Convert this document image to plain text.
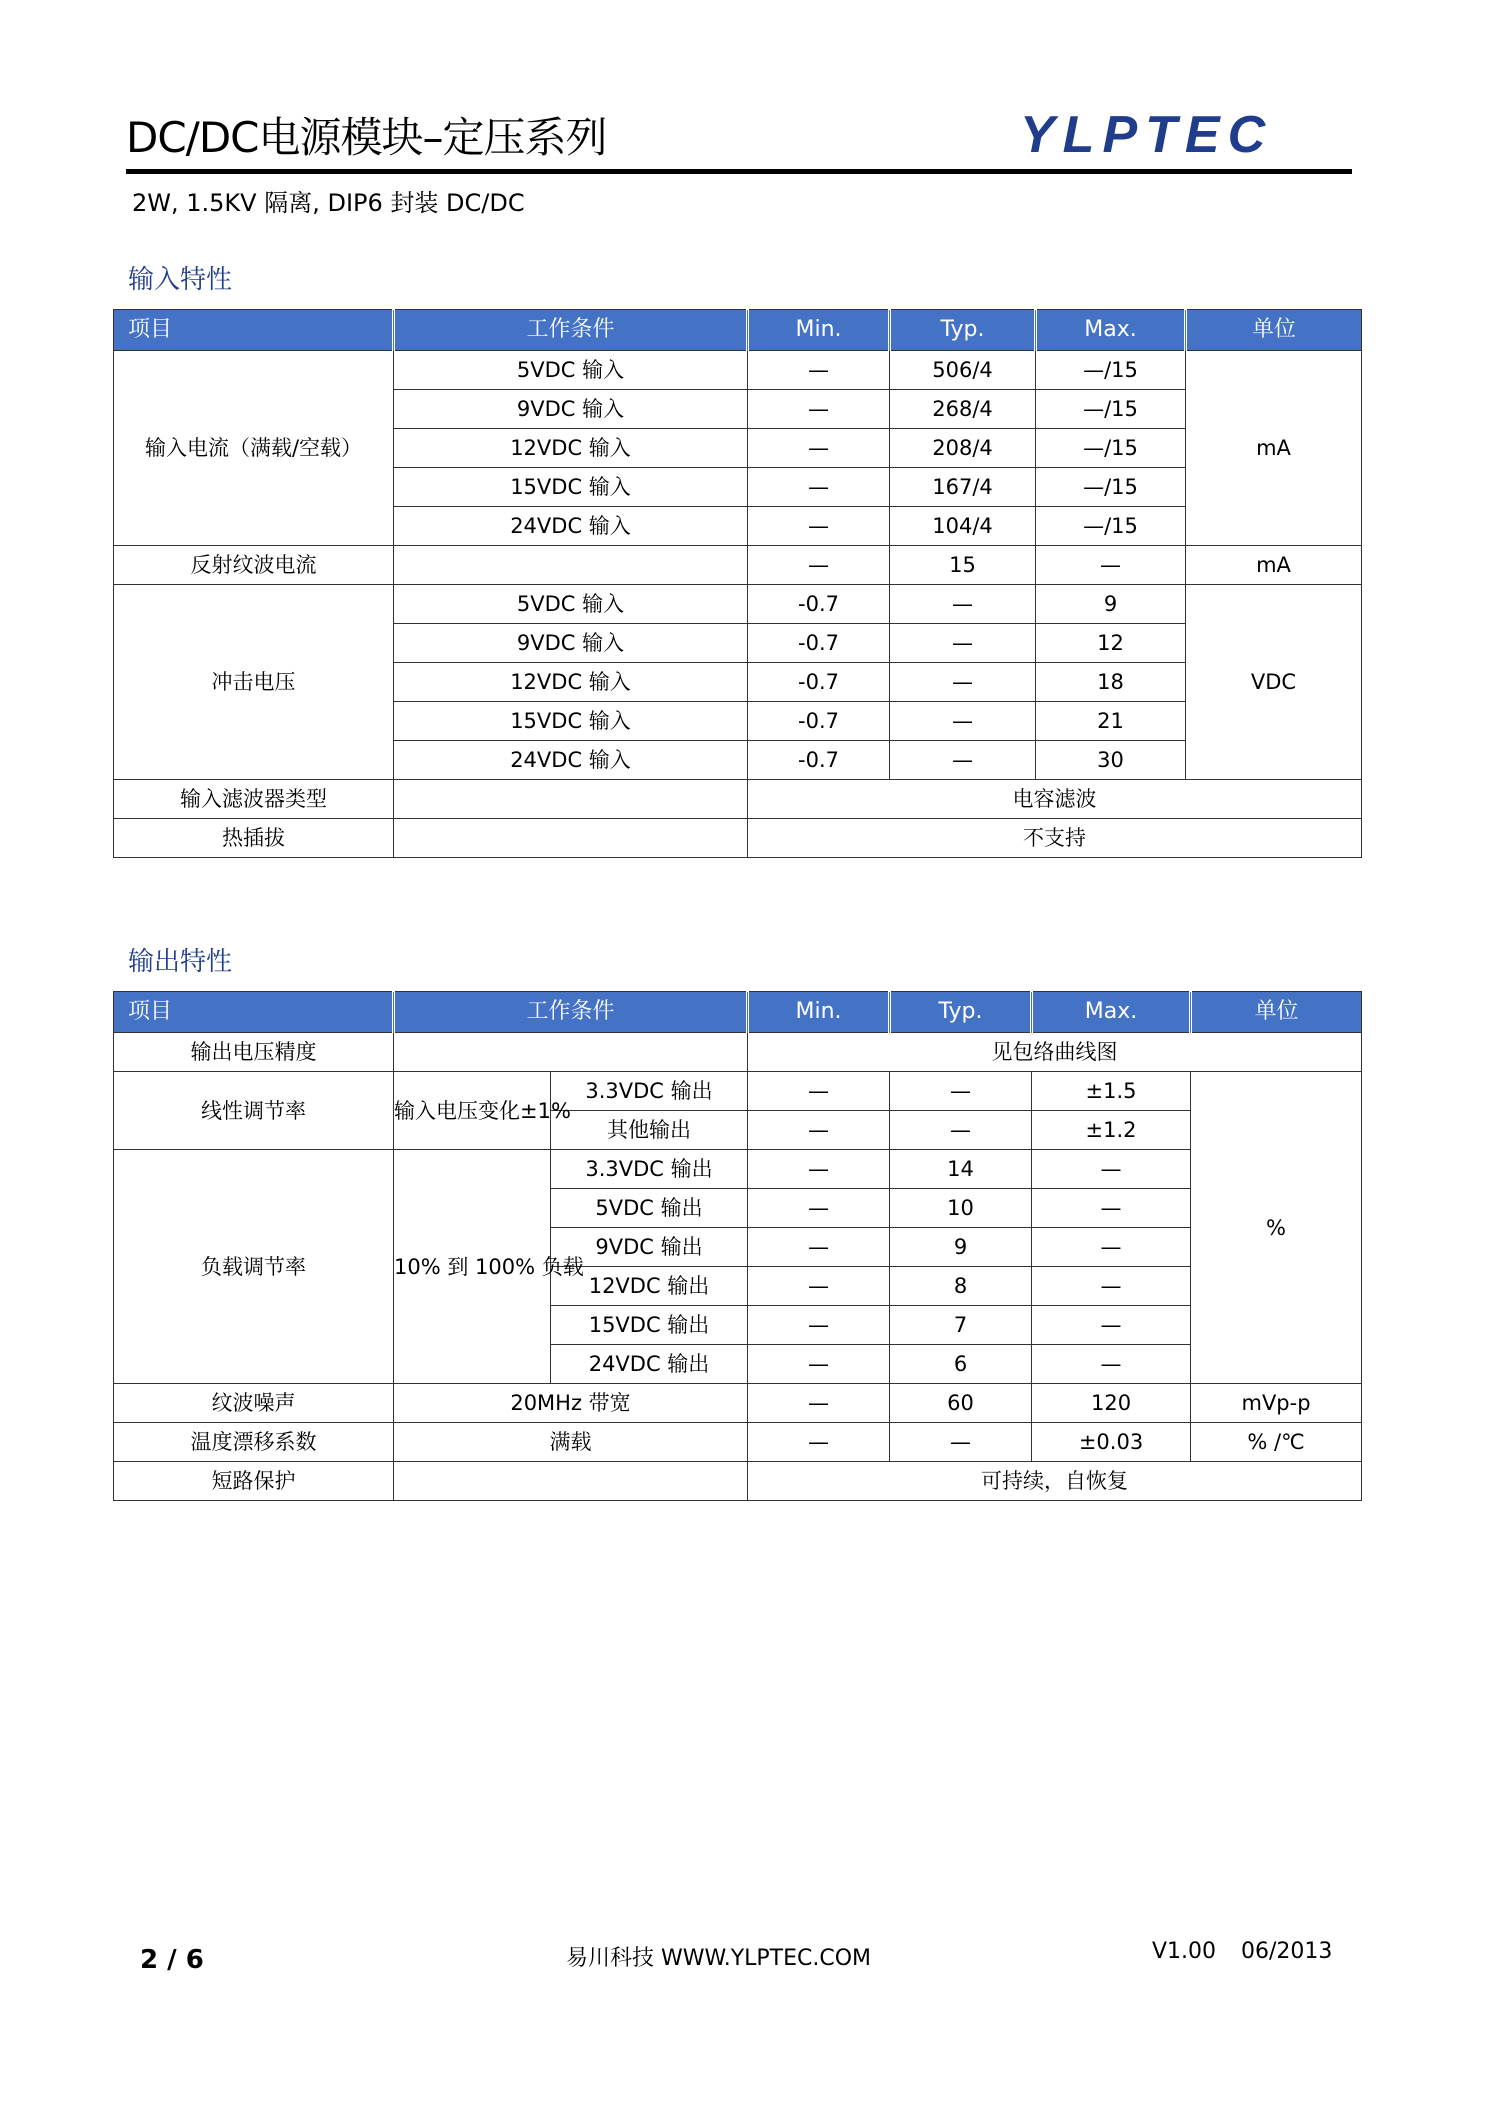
DC/DC电源模块–定压系列	YLPTEC
2W, 1.5KV 隔离, DIP6 封装 DC/DC
输入特性
项目	工作条件	Min.	Typ.	Max.	单位
输入电流（满载/空载）	5VDC 输入	—	506/4	—/15	mA
	9VDC 输入	—	268/4	—/15	
	12VDC 输入	—	208/4	—/15	
	15VDC 输入	—	167/4	—/15	
	24VDC 输入	—	104/4	—/15	
反射纹波电流		—	15	—	mA
冲击电压	5VDC 输入	-0.7	—	9	VDC
	9VDC 输入	-0.7	—	12	
	12VDC 输入	-0.7	—	18	
	15VDC 输入	-0.7	—	21	
	24VDC 输入	-0.7	—	30	
输入滤波器类型		电容滤波			
热插拔		不支持			
输出特性
项目	工作条件		Min.	Typ.	Max.	单位
输出电压精度			见包络曲线图			
线性调节率	输入电压变化±1%	3.3VDC 输出	—	—	±1.5	%
		其他输出	—	—	±1.2	
负载调节率	10% 到 100% 负载	3.3VDC 输出	—	14	—	
		5VDC 输出	—	10	—	
		9VDC 输出	—	9	—	
		12VDC 输出	—	8	—	
		15VDC 输出	—	7	—	
		24VDC 输出	—	6	—	
纹波噪声	20MHz 带宽		—	60	120	mVp-p
温度漂移系数	满载		—	—	±0.03	% /℃
短路保护			可持续，自恢复			
2 / 6	易川科技 WWW.YLPTEC.COM	V1.00 06/2013
